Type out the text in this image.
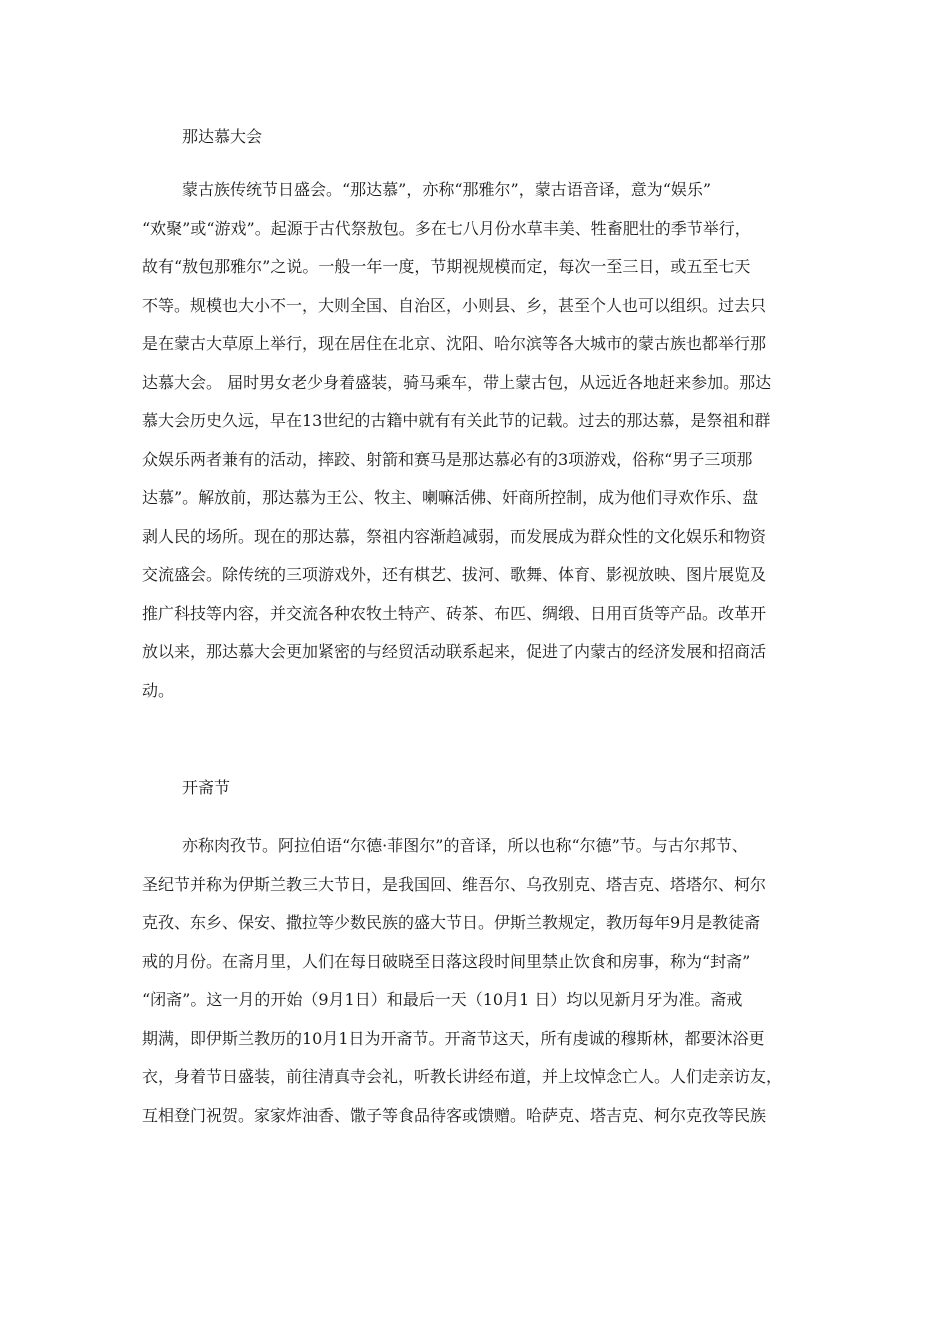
那达慕大会
蒙古族传统节日盛会。“那达慕”，亦称“那雅尔”，蒙古语音译，意为“娱乐”
“欢聚”或“游戏”。起源于古代祭敖包。多在七八月份水草丰美、牲畜肥壮的季节举行，
故有“敖包那雅尔”之说。一般一年一度，节期视规模而定，每次一至三日，或五至七天
不等。规模也大小不一，大则全国、自治区，小则县、乡，甚至个人也可以组织。过去只
是在蒙古大草原上举行，现在居住在北京、沈阳、哈尔滨等各大城市的蒙古族也都举行那
达慕大会。 届时男女老少身着盛装，骑马乘车，带上蒙古包，从远近各地赶来参加。那达
慕大会历史久远，早在13世纪的古籍中就有有关此节的记载。过去的那达慕，是祭祖和群
众娱乐两者兼有的活动，摔跤、射箭和赛马是那达慕必有的3项游戏，俗称“男子三项那
达慕”。解放前，那达慕为王公、牧主、喇嘛活佛、奸商所控制，成为他们寻欢作乐、盘
剥人民的场所。现在的那达慕，祭祖内容渐趋减弱，而发展成为群众性的文化娱乐和物资
交流盛会。除传统的三项游戏外，还有棋艺、拔河、歌舞、体育、影视放映、图片展览及
推广科技等内容，并交流各种农牧土特产、砖茶、布匹、绸缎、日用百货等产品。改革开
放以来，那达慕大会更加紧密的与经贸活动联系起来，促进了内蒙古的经济发展和招商活
动。
开斋节
亦称肉孜节。阿拉伯语“尔德·菲图尔”的音译，所以也称“尔德”节。与古尔邦节、
圣纪节并称为伊斯兰教三大节日，是我国回、维吾尔、乌孜别克、塔吉克、塔塔尔、柯尔
克孜、东乡、保安、撒拉等少数民族的盛大节日。伊斯兰教规定，教历每年9月是教徒斋
戒的月份。在斋月里，人们在每日破晓至日落这段时间里禁止饮食和房事，称为“封斋”
“闭斋”。这一月的开始（9月1日）和最后一天（10月1 日）均以见新月牙为准。斋戒
期满，即伊斯兰教历的10月1日为开斋节。开斋节这天，所有虔诚的穆斯林，都要沐浴更
衣，身着节日盛装，前往清真寺会礼，听教长讲经布道，并上坟悼念亡人。人们走亲访友，
互相登门祝贺。家家炸油香、馓子等食品待客或馈赠。哈萨克、塔吉克、柯尔克孜等民族
